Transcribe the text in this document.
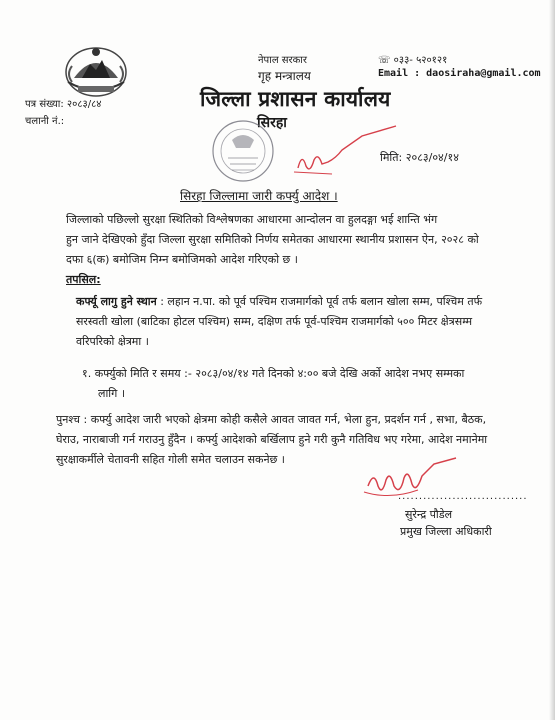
नेपाल सरकार
गृह मन्त्रालय
☏ ०३३- ५२०१२१
Email : daosiraha@gmail.com
जिल्ला प्रशासन कार्यालय
पत्र संख्या: २०८३/८४
चलानी नं.:	सिरहा
मिति: २०८३/०४/१४
सिरहा जिल्लामा जारी कर्फ्यु आदेश ।
जिल्लाको पछिल्लो सुरक्षा स्थितिको विश्लेषणका आधारमा आन्दोलन वा हुलदङ्गा भई शान्ति भंग
हुन जाने देखिएको हुँदा जिल्ला सुरक्षा समितिको निर्णय समेतका आधारमा स्थानीय प्रशासन ऐन, २०२८ को
दफा ६(क) बमोजिम निम्न बमोजिमको आदेश गरिएको छ ।
तपसिल:
कर्फ्यू लागु हुने स्थान : लहान न.पा. को पूर्व पश्चिम राजमार्गको पूर्व तर्फ बलान खोला सम्म, पश्चिम तर्फ
सरस्वती खोला (बाटिका होटल पश्चिम) सम्म, दक्षिण तर्फ पूर्व-पश्चिम राजमार्गको ५०० मिटर क्षेत्रसम्म
वरिपरिको क्षेत्रमा ।
१. कर्फ्युको मिति र समय :- २०८३/०४/१४ गते दिनको ४:०० बजे देखि अर्को आदेश नभए सम्मका
लागि ।
पुनश्च : कर्फ्यु आदेश जारी भएको क्षेत्रमा कोही कसैले आवत जावत गर्न, भेला हुन, प्रदर्शन गर्न , सभा, बैठक,
घेराउ, नाराबाजी गर्न गराउनु हुँदैन । कर्फ्यु आदेशको बर्खिलाप हुने गरी कुनै गतिविध भए गरेमा, आदेश नमानेमा
सुरक्षाकर्मीले चेतावनी सहित गोली समेत चलाउन सकनेछ ।
...............................
सुरेन्द्र पौडेल
प्रमुख जिल्ला अधिकारी
